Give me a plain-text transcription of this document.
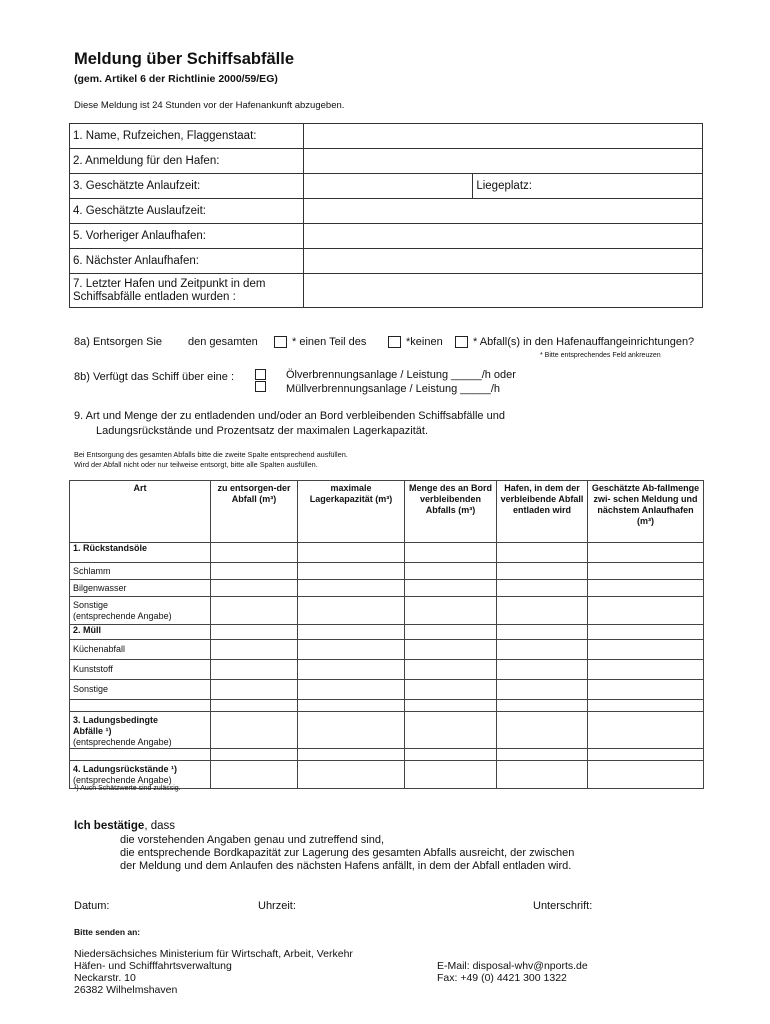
Meldung über Schiffsabfälle
(gem. Artikel 6 der Richtlinie 2000/59/EG)
Diese Meldung ist 24 Stunden vor der Hafenankunft abzugeben.
1. Name, Rufzeichen, Flaggenstaat:		
2. Anmeldung für den Hafen:		
3. Geschätzte Anlaufzeit:		Liegeplatz:
4. Geschätzte Auslaufzeit:		
5. Vorheriger Anlaufhafen:		
6. Nächster Anlaufhafen:		

7. Letzter Hafen und Zeitpunkt in dem
Schiffsabfälle entladen wurden :		

8a) Entsorgen Sie den gesamten	* einen Teil des	*keinen	* Abfall(s) in den Hafenauffangeinrichtungen?
* Bitte entsprechendes Feld ankreuzen
8b) Verfügt das Schiff über eine :	Ölverbrennungsanlage / Leistung _____/h oder
Müllverbrennungsanlage / Leistung _____/h
9. Art und Menge der zu entladenden und/oder an Bord verbleibenden Schiffsabfälle und
Ladungsrückstände und Prozentsatz der maximalen Lagerkapazität.
Bei Entsorgung des gesamten Abfalls bitte die zweite Spalte entsprechend ausfüllen.
Wird der Abfall nicht oder nur teilweise entsorgt, bitte alle Spalten ausfüllen.
Art	zu entsorgen-der Abfall (m³)	maximale Lagerkapazität (m³)	Menge des an Bord verbleibenden Abfalls (m³)	Hafen, in dem der verbleibende Abfall entladen wird	Geschätzte Ab-fallmenge zwi- schen Meldung und nächstem Anlaufhafen (m³)
1. Rückstandsöle					
Schlamm					
Bilgenwasser					

Sonstige
(entsprechende Angabe)					

2. Müll					
Küchenabfall					
Kunststoff					
Sonstige					

3. Ladungsbedingte
Abfälle ¹)
(entsprechende Angabe)					

4. Ladungsrückstände ¹)
(entsprechende Angabe)					

¹) Auch Schätzwerte sind zulässig.
Ich bestätige, dass
die vorstehenden Angaben genau und zutreffend sind,
die entsprechende Bordkapazität zur Lagerung des gesamten Abfalls ausreicht, der zwischen
der Meldung und dem Anlaufen des nächsten Hafens anfällt, in dem der Abfall entladen wird.
Datum:	Uhrzeit:	Unterschrift:
Bitte senden an:
Niedersächsiches Ministerium für Wirtschaft, Arbeit, Verkehr
Häfen- und Schifffahrtsverwaltung
Neckarstr. 10
26382 Wilhelmshaven
E-Mail: disposal-whv@nports.de
Fax: +49 (0) 4421 300 1322
